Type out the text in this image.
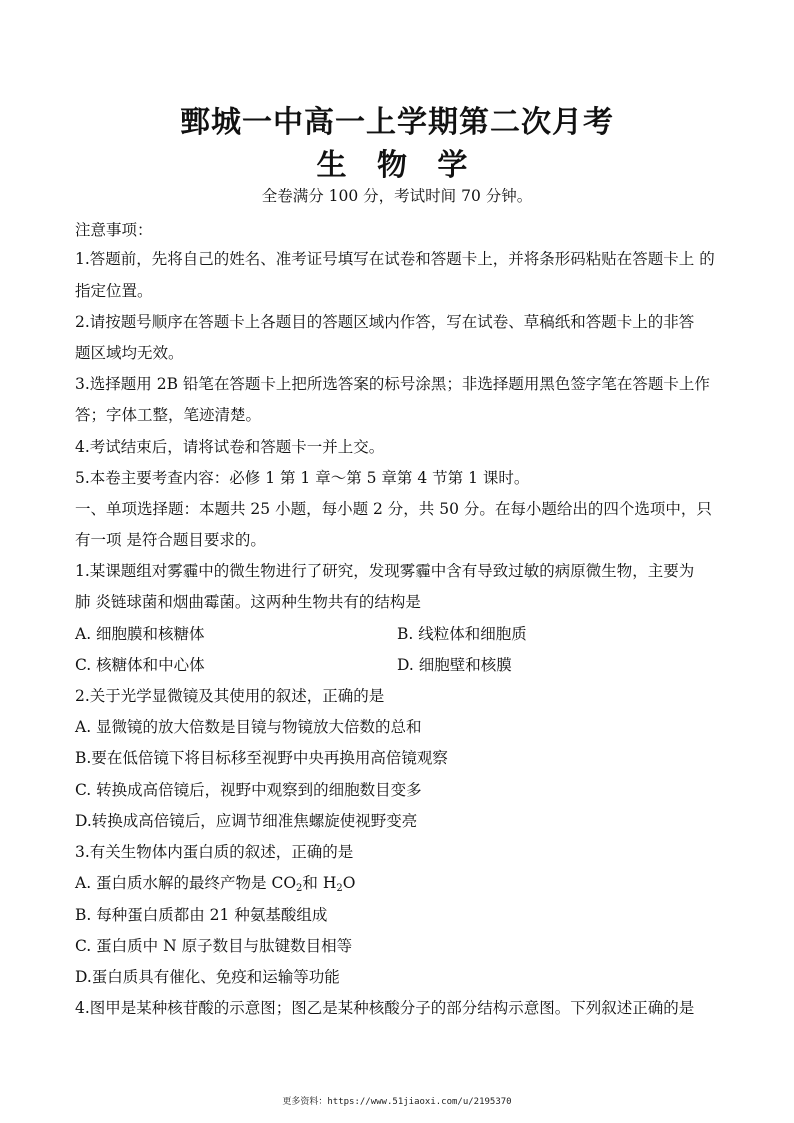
鄄城一中高一上学期第二次月考
生 物 学
全卷满分 100 分，考试时间 70 分钟。
注意事项：
1.答题前，先将自己的姓名、准考证号填写在试卷和答题卡上，并将条形码粘贴在答题卡上 的
指定位置。
2.请按题号顺序在答题卡上各题目的答题区域内作答，写在试卷、草稿纸和答题卡上的非答
题区域均无效。
3.选择题用 2B 铅笔在答题卡上把所选答案的标号涂黑；非选择题用黑色签字笔在答题卡上作
答；字体工整，笔迹清楚。
4.考试结束后，请将试卷和答题卡一并上交。
5.本卷主要考查内容：必修 1 第 1 章～第 5 章第 4 节第 1 课时。
一、单项选择题：本题共 25 小题，每小题 2 分，共 50 分。在每小题给出的四个选项中，只
有一项 是符合题目要求的。
1.某课题组对雾霾中的微生物进行了研究，发现雾霾中含有导致过敏的病原微生物，主要为
肺 炎链球菌和烟曲霉菌。这两种生物共有的结构是
A. 细胞膜和核糖体	B. 线粒体和细胞质
C. 核糖体和中心体	D. 细胞壁和核膜
2.关于光学显微镜及其使用的叙述，正确的是
A. 显微镜的放大倍数是目镜与物镜放大倍数的总和
B.要在低倍镜下将目标移至视野中央再换用高倍镜观察
C. 转换成高倍镜后，视野中观察到的细胞数目变多
D.转换成高倍镜后，应调节细准焦螺旋使视野变亮
3.有关生物体内蛋白质的叙述，正确的是
A. 蛋白质水解的最终产物是 $CO_2$和 $H_2O$
B. 每种蛋白质都由 21 种氨基酸组成
C. 蛋白质中 N 原子数目与肽键数目相等
D.蛋白质具有催化、免疫和运输等功能
4.图甲是某种核苷酸的示意图；图乙是某种核酸分子的部分结构示意图。下列叙述正确的是
更多资料：https://www.51jiaoxi.com/u/2195370
